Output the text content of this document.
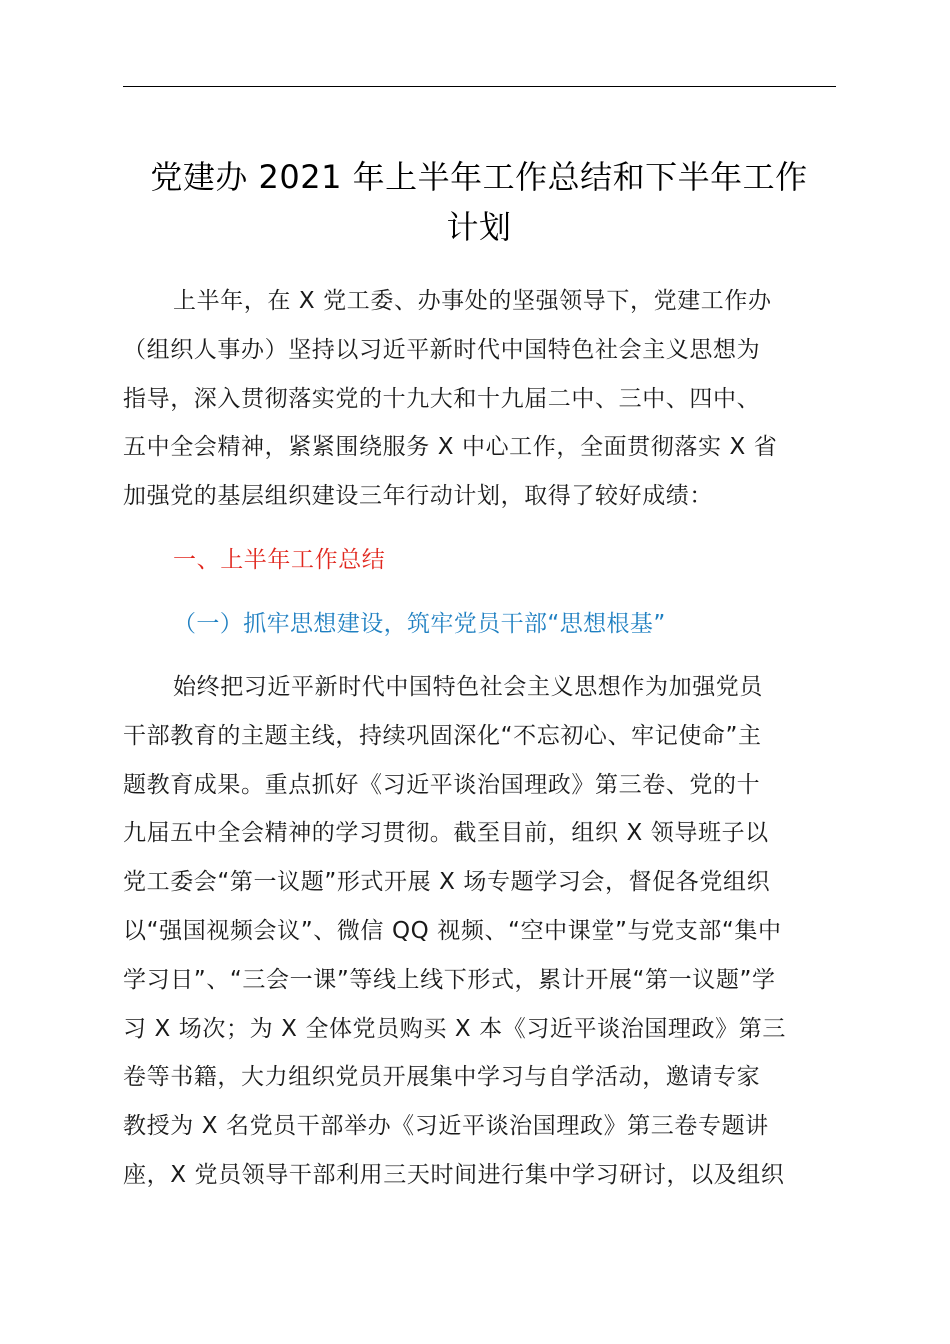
党建办 2021 年上半年工作总结和下半年工作
计划
上半年，在 X 党工委、办事处的坚强领导下，党建工作办
（组织人事办）坚持以习近平新时代中国特色社会主义思想为
指导，深入贯彻落实党的十九大和十九届二中、三中、四中、
五中全会精神，紧紧围绕服务 X 中心工作，全面贯彻落实 X 省
加强党的基层组织建设三年行动计划，取得了较好成绩：
一、上半年工作总结
（一）抓牢思想建设，筑牢党员干部“思想根基”
始终把习近平新时代中国特色社会主义思想作为加强党员
干部教育的主题主线，持续巩固深化“不忘初心、牢记使命”主
题教育成果。重点抓好《习近平谈治国理政》第三卷、党的十
九届五中全会精神的学习贯彻。截至目前，组织 X 领导班子以
党工委会“第一议题”形式开展 X 场专题学习会，督促各党组织
以“强国视频会议”、微信 QQ 视频、“空中课堂”与党支部“集中
学习日”、“三会一课”等线上线下形式，累计开展“第一议题”学
习 X 场次；为 X 全体党员购买 X 本《习近平谈治国理政》第三
卷等书籍，大力组织党员开展集中学习与自学活动，邀请专家
教授为 X 名党员干部举办《习近平谈治国理政》第三卷专题讲
座，X 党员领导干部利用三天时间进行集中学习研讨，以及组织
